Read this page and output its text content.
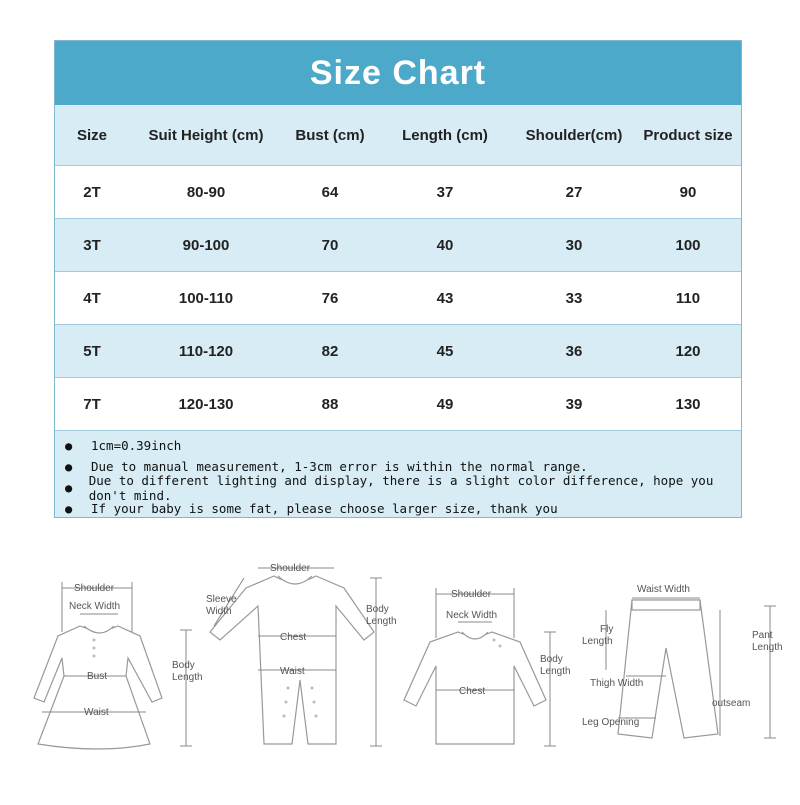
Size Chart
Size	Suit Height (cm)	Bust (cm)	Length (cm)	Shoulder(cm)	Product size
2T	80-90	64	37	27	90
3T	90-100	70	40	30	100
4T	100-110	76	43	33	110
5T	110-120	82	45	36	120
7T	120-130	88	49	39	130
●	1cm=0.39inch
●	Due to manual measurement, 1-3cm error is within the normal range.
●	Due to different lighting and display, there is a slight color difference, hope you don't mind.
●	If your baby is some fat, please choose larger size, thank you
Shoulder
Neck Width
Bust
Waist
Body
Length
Shoulder
Sleeve
Width
Chest
Waist
Body
Length
Shoulder
Neck Width
Chest
Body
Length
Waist Width
Fly
Length
Thigh Width
outseam
Pant
Length
Leg Opening
